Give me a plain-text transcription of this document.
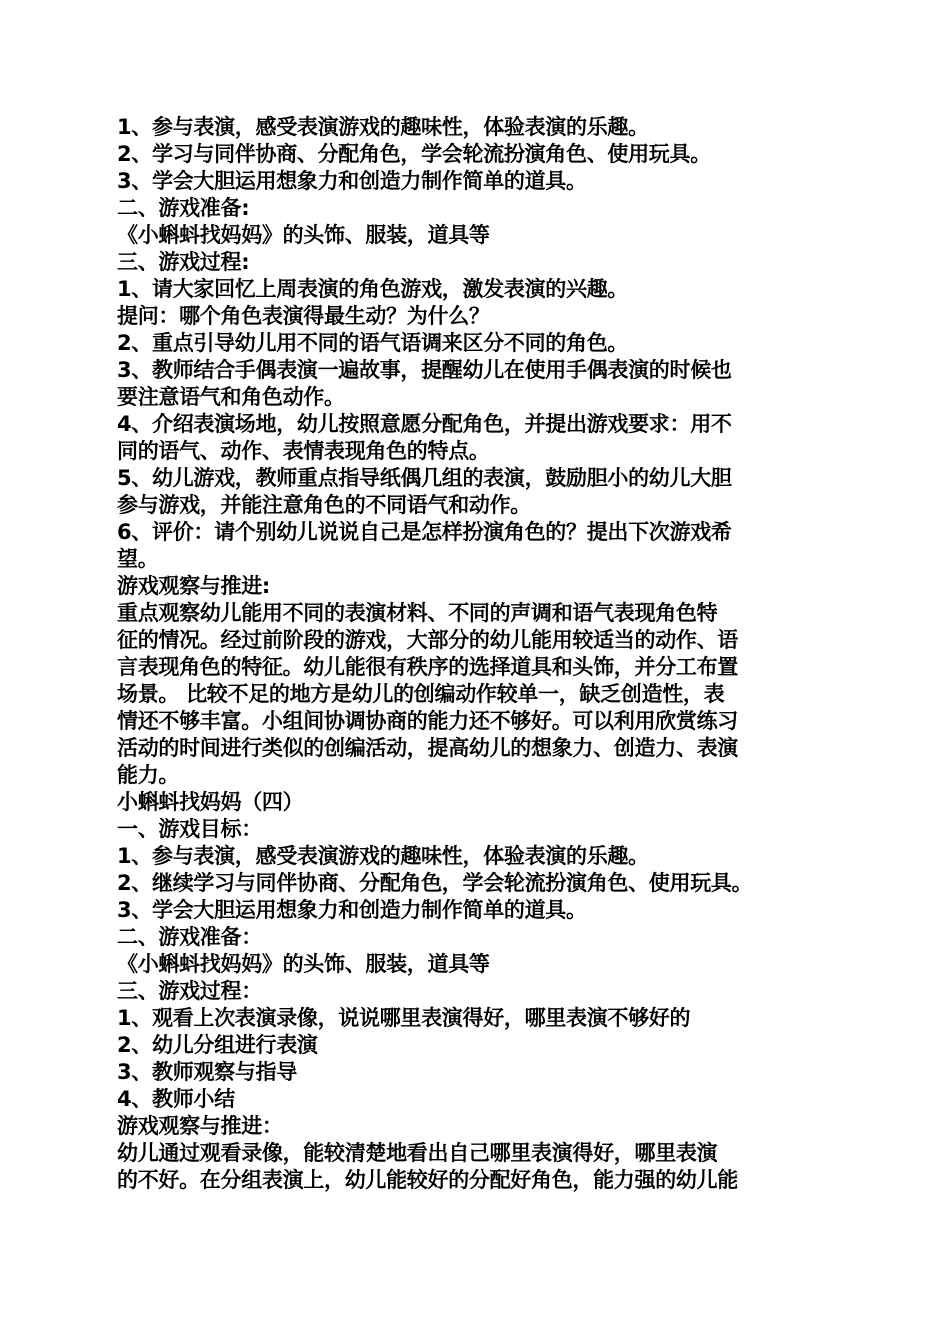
1、参与表演，感受表演游戏的趣味性，体验表演的乐趣。
2、学习与同伴协商、分配角色，学会轮流扮演角色、使用玩具。
3、学会大胆运用想象力和创造力制作简单的道具。
二、游戏准备:
《小蝌蚪找妈妈》的头饰、服装，道具等
三、游戏过程:
1、请大家回忆上周表演的角色游戏，激发表演的兴趣。
提问：哪个角色表演得最生动？为什么？
2、重点引导幼儿用不同的语气语调来区分不同的角色。
3、教师结合手偶表演一遍故事，提醒幼儿在使用手偶表演的时候也
要注意语气和角色动作。
4、介绍表演场地，幼儿按照意愿分配角色，并提出游戏要求：用不
同的语气、动作、表情表现角色的特点。
5、幼儿游戏，教师重点指导纸偶几组的表演，鼓励胆小的幼儿大胆
参与游戏，并能注意角色的不同语气和动作。
6、评价：请个别幼儿说说自己是怎样扮演角色的？提出下次游戏希
望。
游戏观察与推进:
重点观察幼儿能用不同的表演材料、不同的声调和语气表现角色特
征的情况。经过前阶段的游戏，大部分的幼儿能用较适当的动作、语
言表现角色的特征。幼儿能很有秩序的选择道具和头饰，并分工布置
场景。 比较不足的地方是幼儿的创编动作较单一，缺乏创造性，表
情还不够丰富。小组间协调协商的能力还不够好。可以利用欣赏练习
活动的时间进行类似的创编活动，提高幼儿的想象力、创造力、表演
能力。
小蝌蚪找妈妈（四）
一、游戏目标：
1、参与表演，感受表演游戏的趣味性，体验表演的乐趣。
2、继续学习与同伴协商、分配角色，学会轮流扮演角色、使用玩具。
3、学会大胆运用想象力和创造力制作简单的道具。
二、游戏准备：
《小蝌蚪找妈妈》的头饰、服装，道具等
三、游戏过程：
1、观看上次表演录像，说说哪里表演得好，哪里表演不够好的
2、幼儿分组进行表演
3、教师观察与指导
4、教师小结
游戏观察与推进：
幼儿通过观看录像，能较清楚地看出自己哪里表演得好，哪里表演
的不好。在分组表演上，幼儿能较好的分配好角色，能力强的幼儿能
